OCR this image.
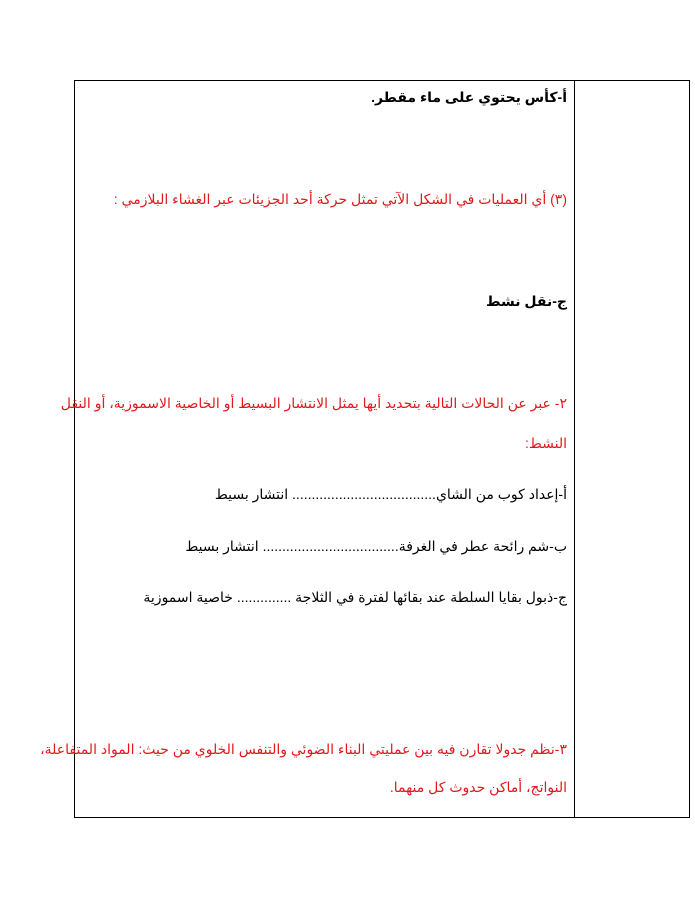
أ-كأس يحتوي على ماء مقطر.
(٣) أي العمليات في الشكل الآتي تمثل حركة أحد الجزيئات عبر الغشاء البلازمي :
ج-نقل نشط
٢- عبر عن الحالات التالية بتحديد أيها يمثل الانتشار البسيط أو الخاصية الاسموزية، أو النقل
النشط:
أ-إعداد كوب من الشاي..................................... انتشار بسيط
ب-شم رائحة عطر في الغرفة................................... انتشار بسيط
ج-ذبول بقايا السلطة عند بقائها لفترة في الثلاجة .............. خاصية اسموزية
٣-نظم جدولا تقارن فيه بين عمليتي البناء الضوئي والتنفس الخلوي من حيث: المواد المتفاعلة،
النواتج، أماكن حدوث كل منهما.
